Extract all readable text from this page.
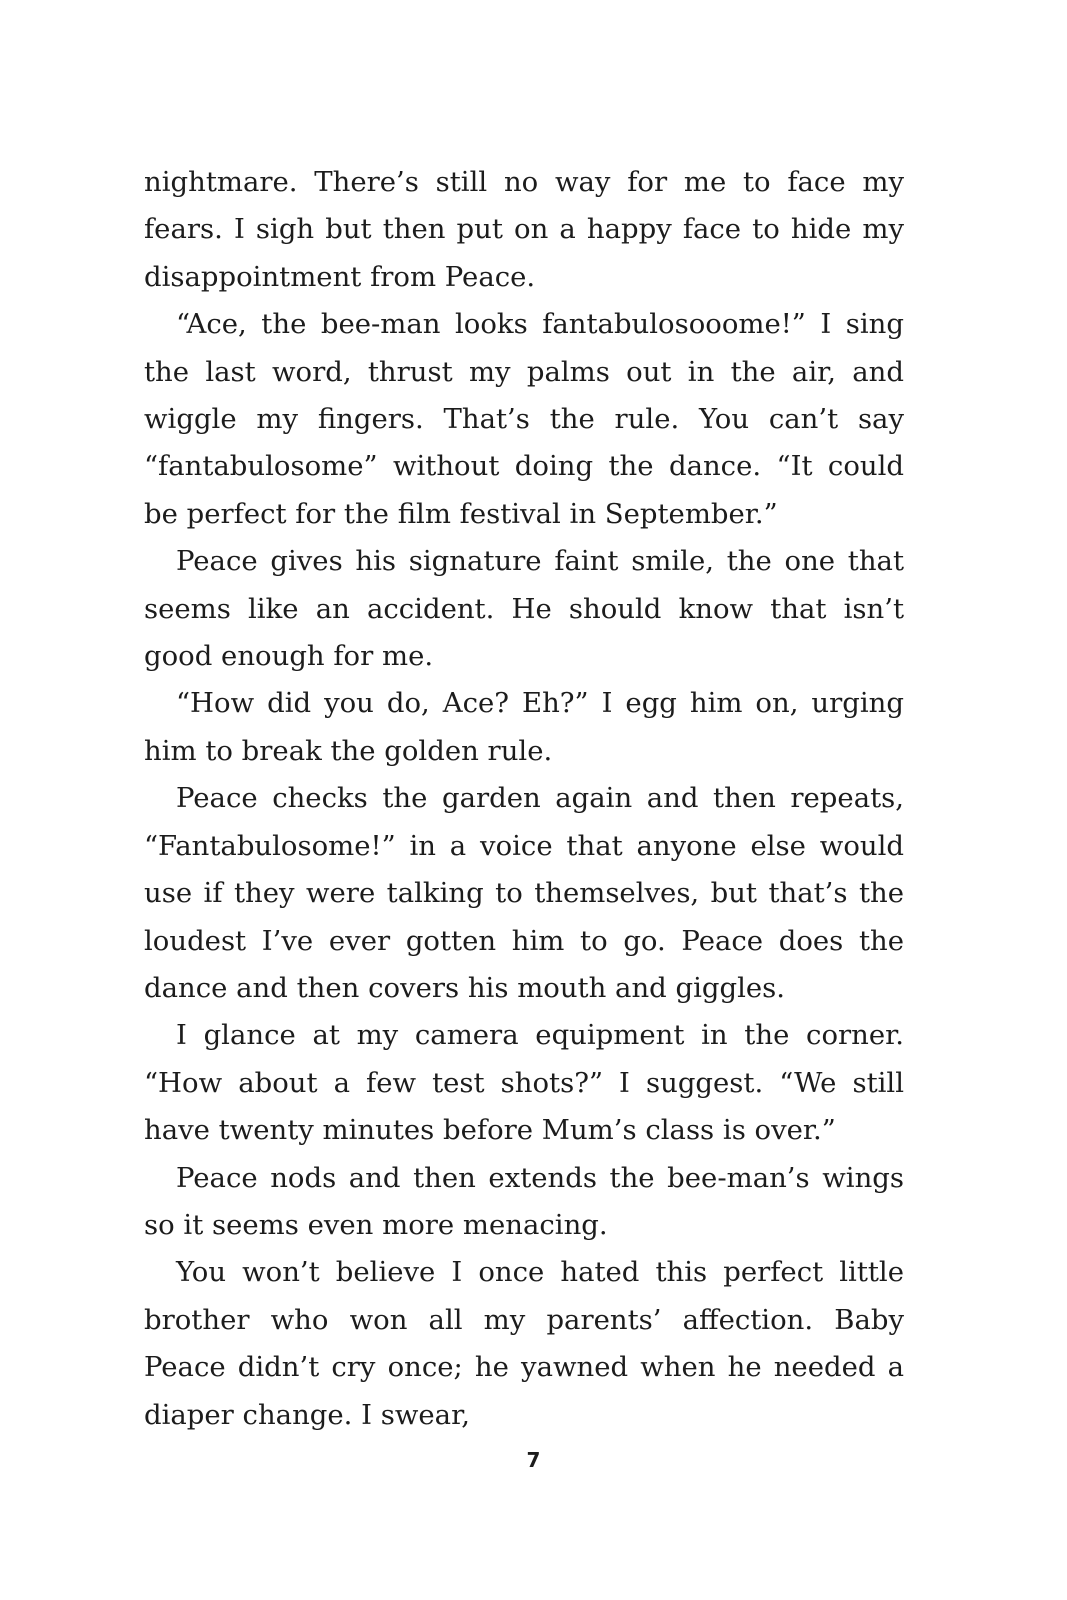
nightmare. There’s still no way for me to face my fears. I sigh but then put on a happy face to hide my disappointment from Peace.

“Ace, the bee-man looks fantabulosooome!” I sing the last word, thrust my palms out in the air, and wiggle my fingers. That’s the rule. You can’t say “fantabulosome” without doing the dance. “It could be perfect for the film festival in September.”

Peace gives his signature faint smile, the one that seems like an accident. He should know that isn’t good enough for me.

“How did you do, Ace? Eh?” I egg him on, urging him to break the golden rule.

Peace checks the garden again and then repeats, “Fantabulosome!” in a voice that anyone else would use if they were talking to themselves, but that’s the loudest I’ve ever gotten him to go. Peace does the dance and then covers his mouth and giggles.

I glance at my camera equipment in the corner. “How about a few test shots?” I suggest. “We still have twenty minutes before Mum’s class is over.”

Peace nods and then extends the bee-man’s wings so it seems even more menacing.

You won’t believe I once hated this perfect little brother who won all my parents’ affection. Baby Peace didn’t cry once; he yawned when he needed a diaper change. I swear,

7
